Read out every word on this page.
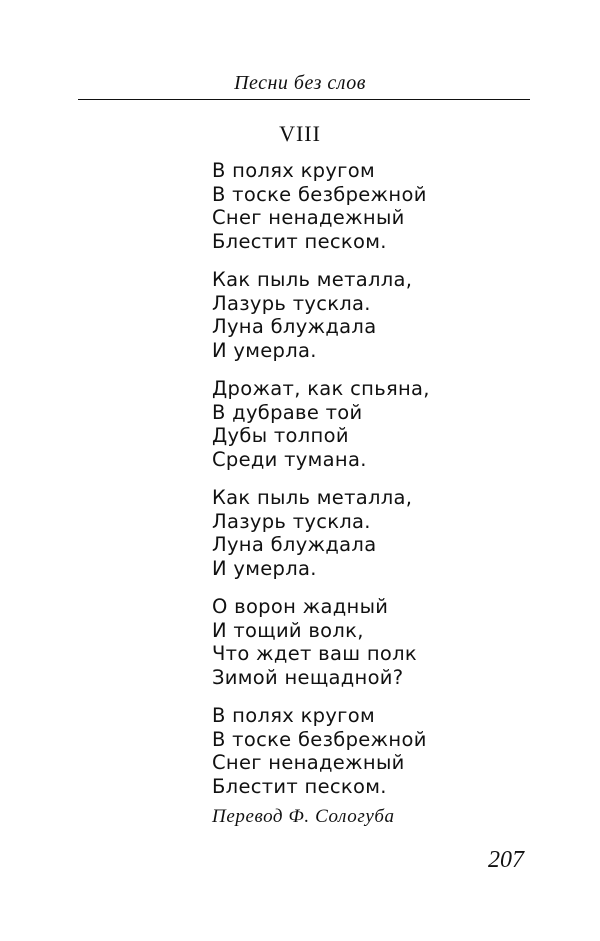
Песни без слов
VIII
В полях кругом
В тоске безбрежной
Снег ненадежный
Блестит песком.
Как пыль металла,
Лазурь тускла.
Луна блуждала
И умерла.
Дрожат, как спьяна,
В дубраве той
Дубы толпой
Среди тумана.
Как пыль металла,
Лазурь тускла.
Луна блуждала
И умерла.
О ворон жадный
И тощий волк,
Что ждет ваш полк
Зимой нещадной?
В полях кругом
В тоске безбрежной
Снег ненадежный
Блестит песком.
Перевод Ф. Сологуба
207
